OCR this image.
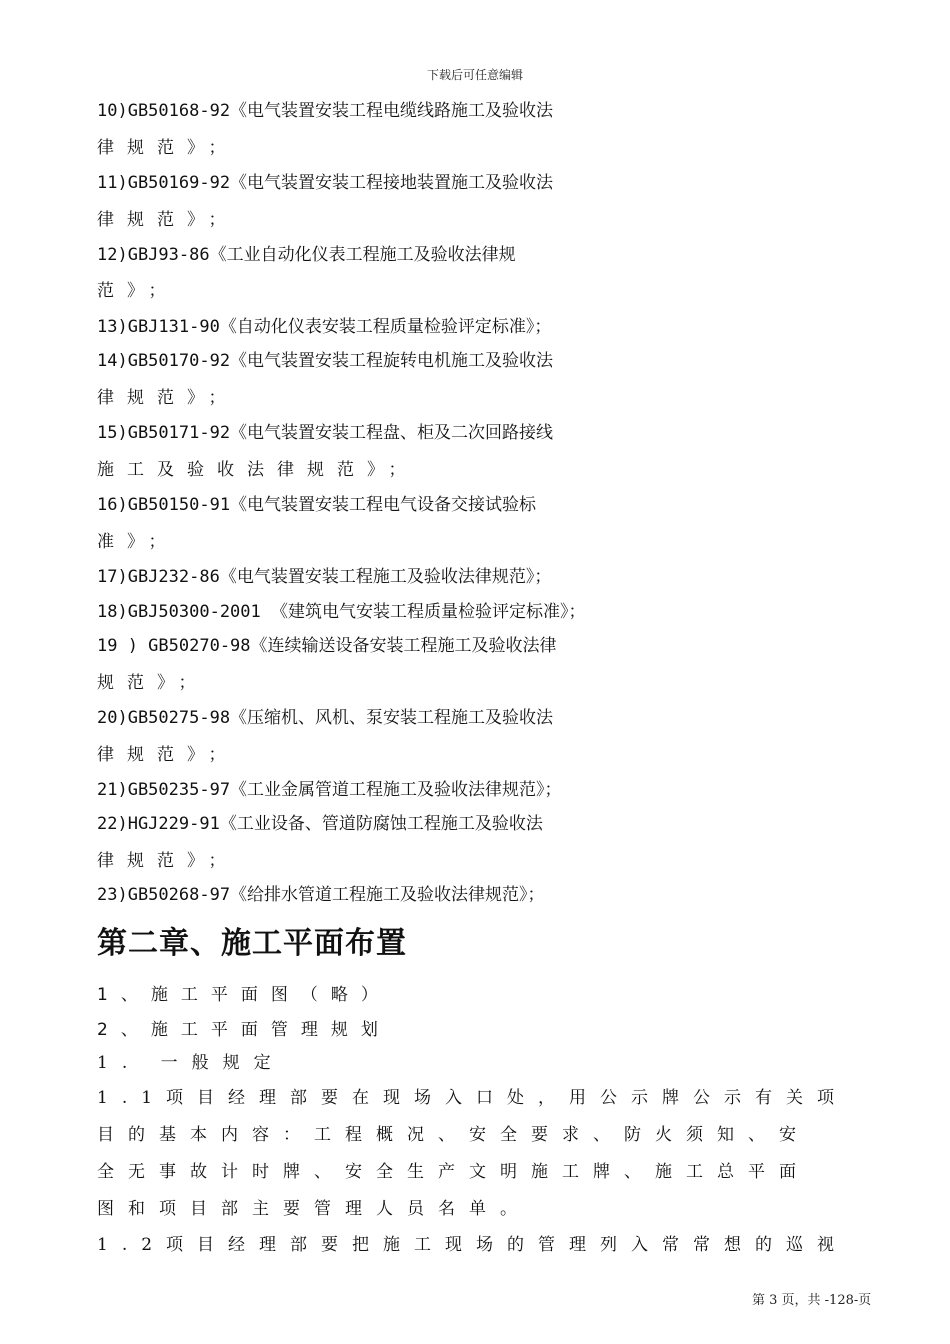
下载后可任意编辑
10)GB50168-92《电气装置安装工程电缆线路施工及验收法
律规范》；
11)GB50169-92《电气装置安装工程接地装置施工及验收法
律规范》；
12)GBJ93-86《工业自动化仪表工程施工及验收法律规
范》；
13)GBJ131-90《自动化仪表安装工程质量检验评定标准》；
14)GB50170-92《电气装置安装工程旋转电机施工及验收法
律规范》；
15)GB50171-92《电气装置安装工程盘、柜及二次回路接线
施工及验收法律规范》；
16)GB50150-91《电气装置安装工程电气设备交接试验标
准》；
17)GBJ232-86《电气装置安装工程施工及验收法律规范》；
18)GBJ50300-2001 《建筑电气安装工程质量检验评定标准》；
19 ) GB50270-98《连续输送设备安装工程施工及验收法律
规范》；
20)GB50275-98《压缩机、风机、泵安装工程施工及验收法
律规范》；
21)GB50235-97《工业金属管道工程施工及验收法律规范》；
22)HGJ229-91《工业设备、管道防腐蚀工程施工及验收法
律规范》；
23)GB50268-97《给排水管道工程施工及验收法律规范》；
第二章、施工平面布置
1、施工平面图（略）
2、施工平面管理规划
1. 一般规定
1.1项目经理部要在现场入口处，用公示牌公示有关项
目的基本内容：工程概况、安全要求、防火须知、安
全无事故计时牌、安全生产文明施工牌、施工总平面
图和项目部主要管理人员名单。
1.2项目经理部要把施工现场的管理列入常常想的巡视
第 3 页，共 -128-页
